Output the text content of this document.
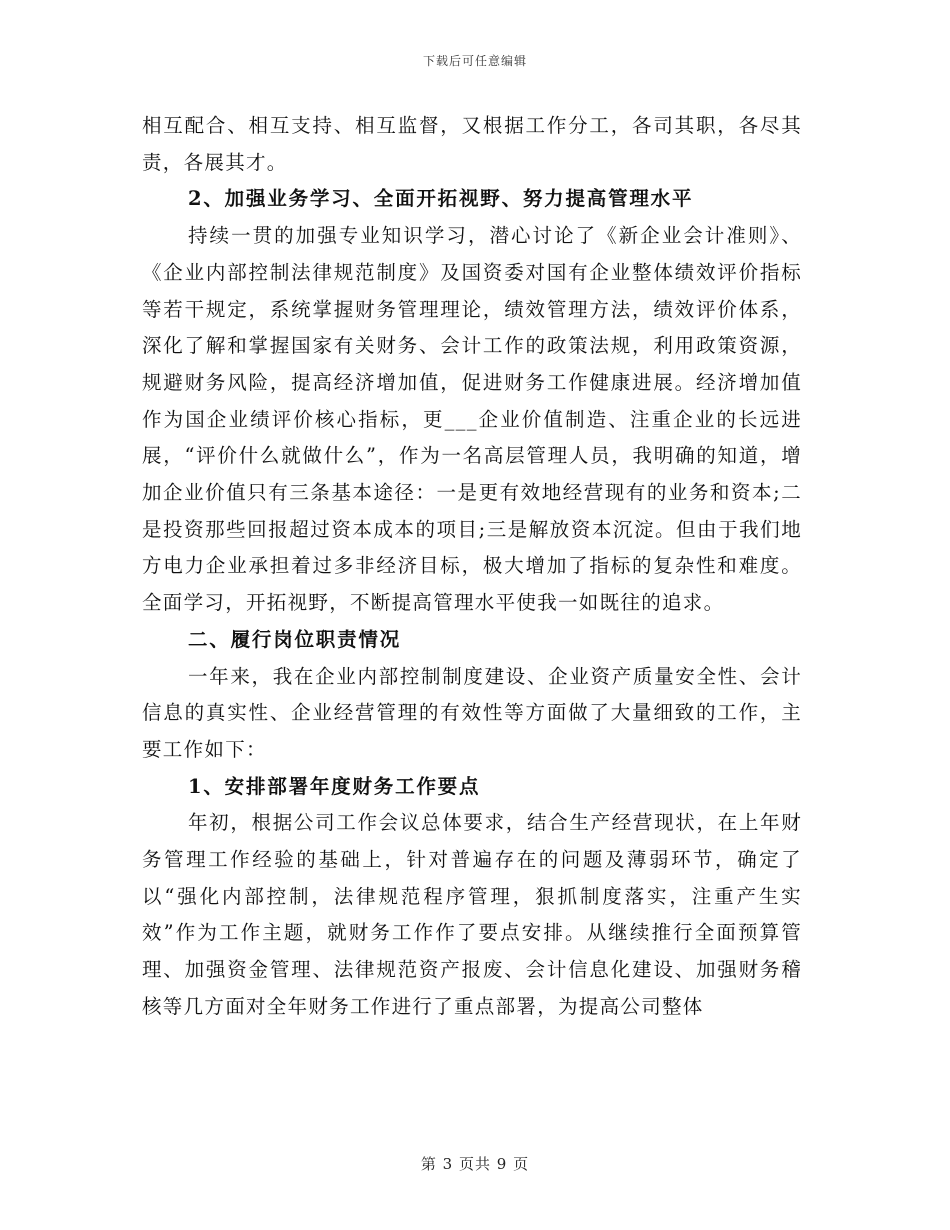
下载后可任意编辑

相互配合、相互支持、相互监督，又根据工作分工，各司其职，各尽其责，各展其才。

2、加强业务学习、全面开拓视野、努力提高管理水平

持续一贯的加强专业知识学习，潜心讨论了《新企业会计准则》、《企业内部控制法律规范制度》及国资委对国有企业整体绩效评价指标等若干规定，系统掌握财务管理理论，绩效管理方法，绩效评价体系，深化了解和掌握国家有关财务、会计工作的政策法规，利用政策资源，规避财务风险，提高经济增加值，促进财务工作健康进展。经济增加值作为国企业绩评价核心指标，更___企业价值制造、注重企业的长远进展，“评价什么就做什么”，作为一名高层管理人员，我明确的知道，增加企业价值只有三条基本途径：一是更有效地经营现有的业务和资本;二是投资那些回报超过资本成本的项目;三是解放资本沉淀。但由于我们地方电力企业承担着过多非经济目标，极大增加了指标的复杂性和难度。全面学习，开拓视野，不断提高管理水平使我一如既往的追求。

二、履行岗位职责情况

一年来，我在企业内部控制制度建设、企业资产质量安全性、会计信息的真实性、企业经营管理的有效性等方面做了大量细致的工作，主要工作如下：

1、安排部署年度财务工作要点

年初，根据公司工作会议总体要求，结合生产经营现状，在上年财务管理工作经验的基础上，针对普遍存在的问题及薄弱环节，确定了以“强化内部控制，法律规范程序管理，狠抓制度落实，注重产生实效”作为工作主题，就财务工作作了要点安排。从继续推行全面预算管理、加强资金管理、法律规范资产报废、会计信息化建设、加强财务稽核等几方面对全年财务工作进行了重点部署，为提高公司整体

第 3 页共 9 页
